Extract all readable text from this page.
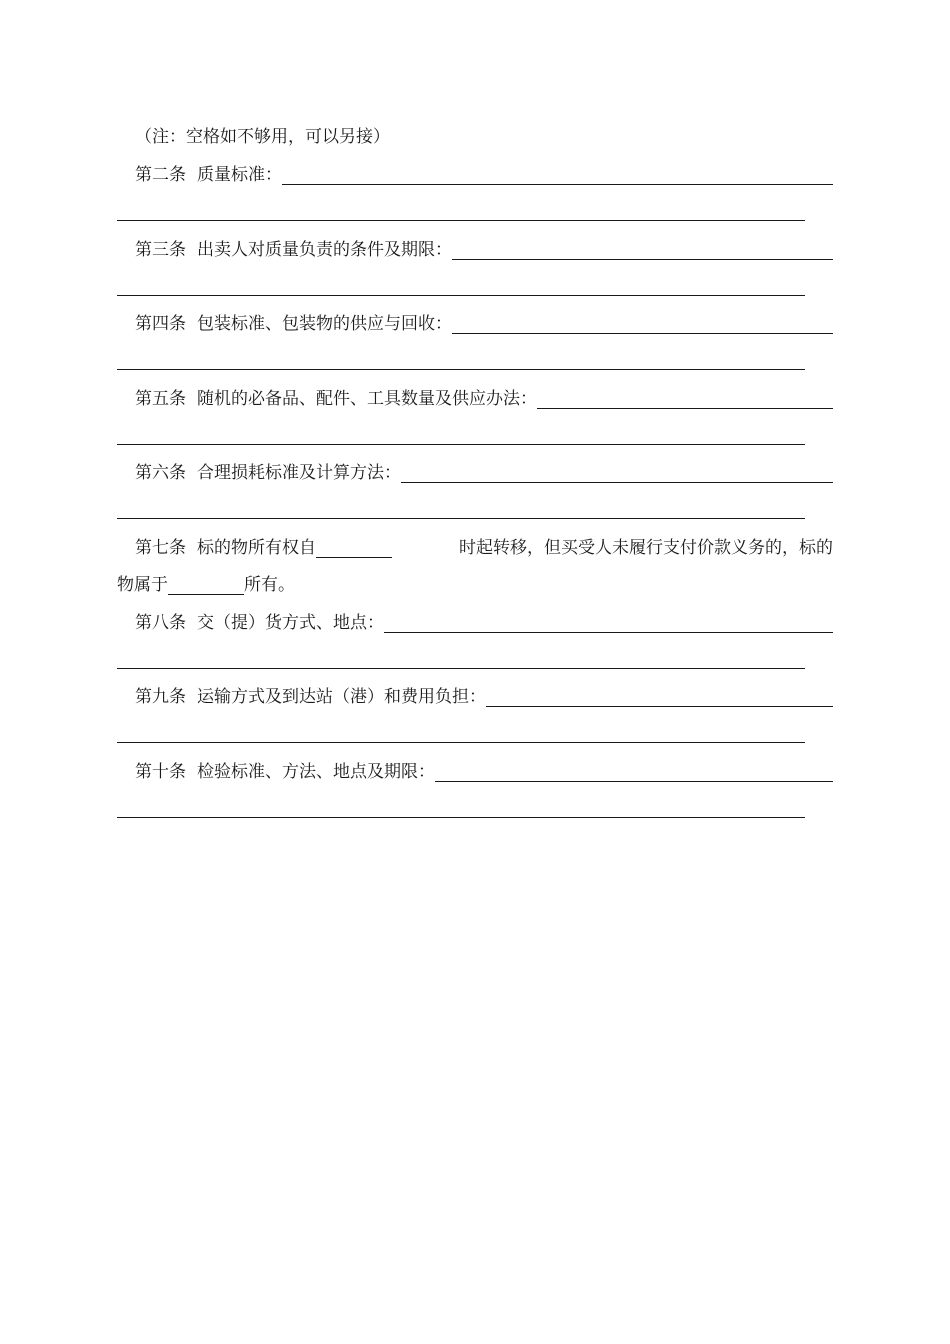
（注：空格如不够用，可以另接）
第二条 质量标准：
第三条 出卖人对质量负责的条件及期限：
第四条 包装标准、包装物的供应与回收：
第五条 随机的必备品、配件、工具数量及供应办法：
第六条 合理损耗标准及计算方法：
第七条 标的物所有权自	时起转移，但买受人未履行支付价款义务的，标的
物属于	所有。
第八条 交（提）货方式、地点：
第九条 运输方式及到达站（港）和费用负担：
第十条 检验标准、方法、地点及期限：
